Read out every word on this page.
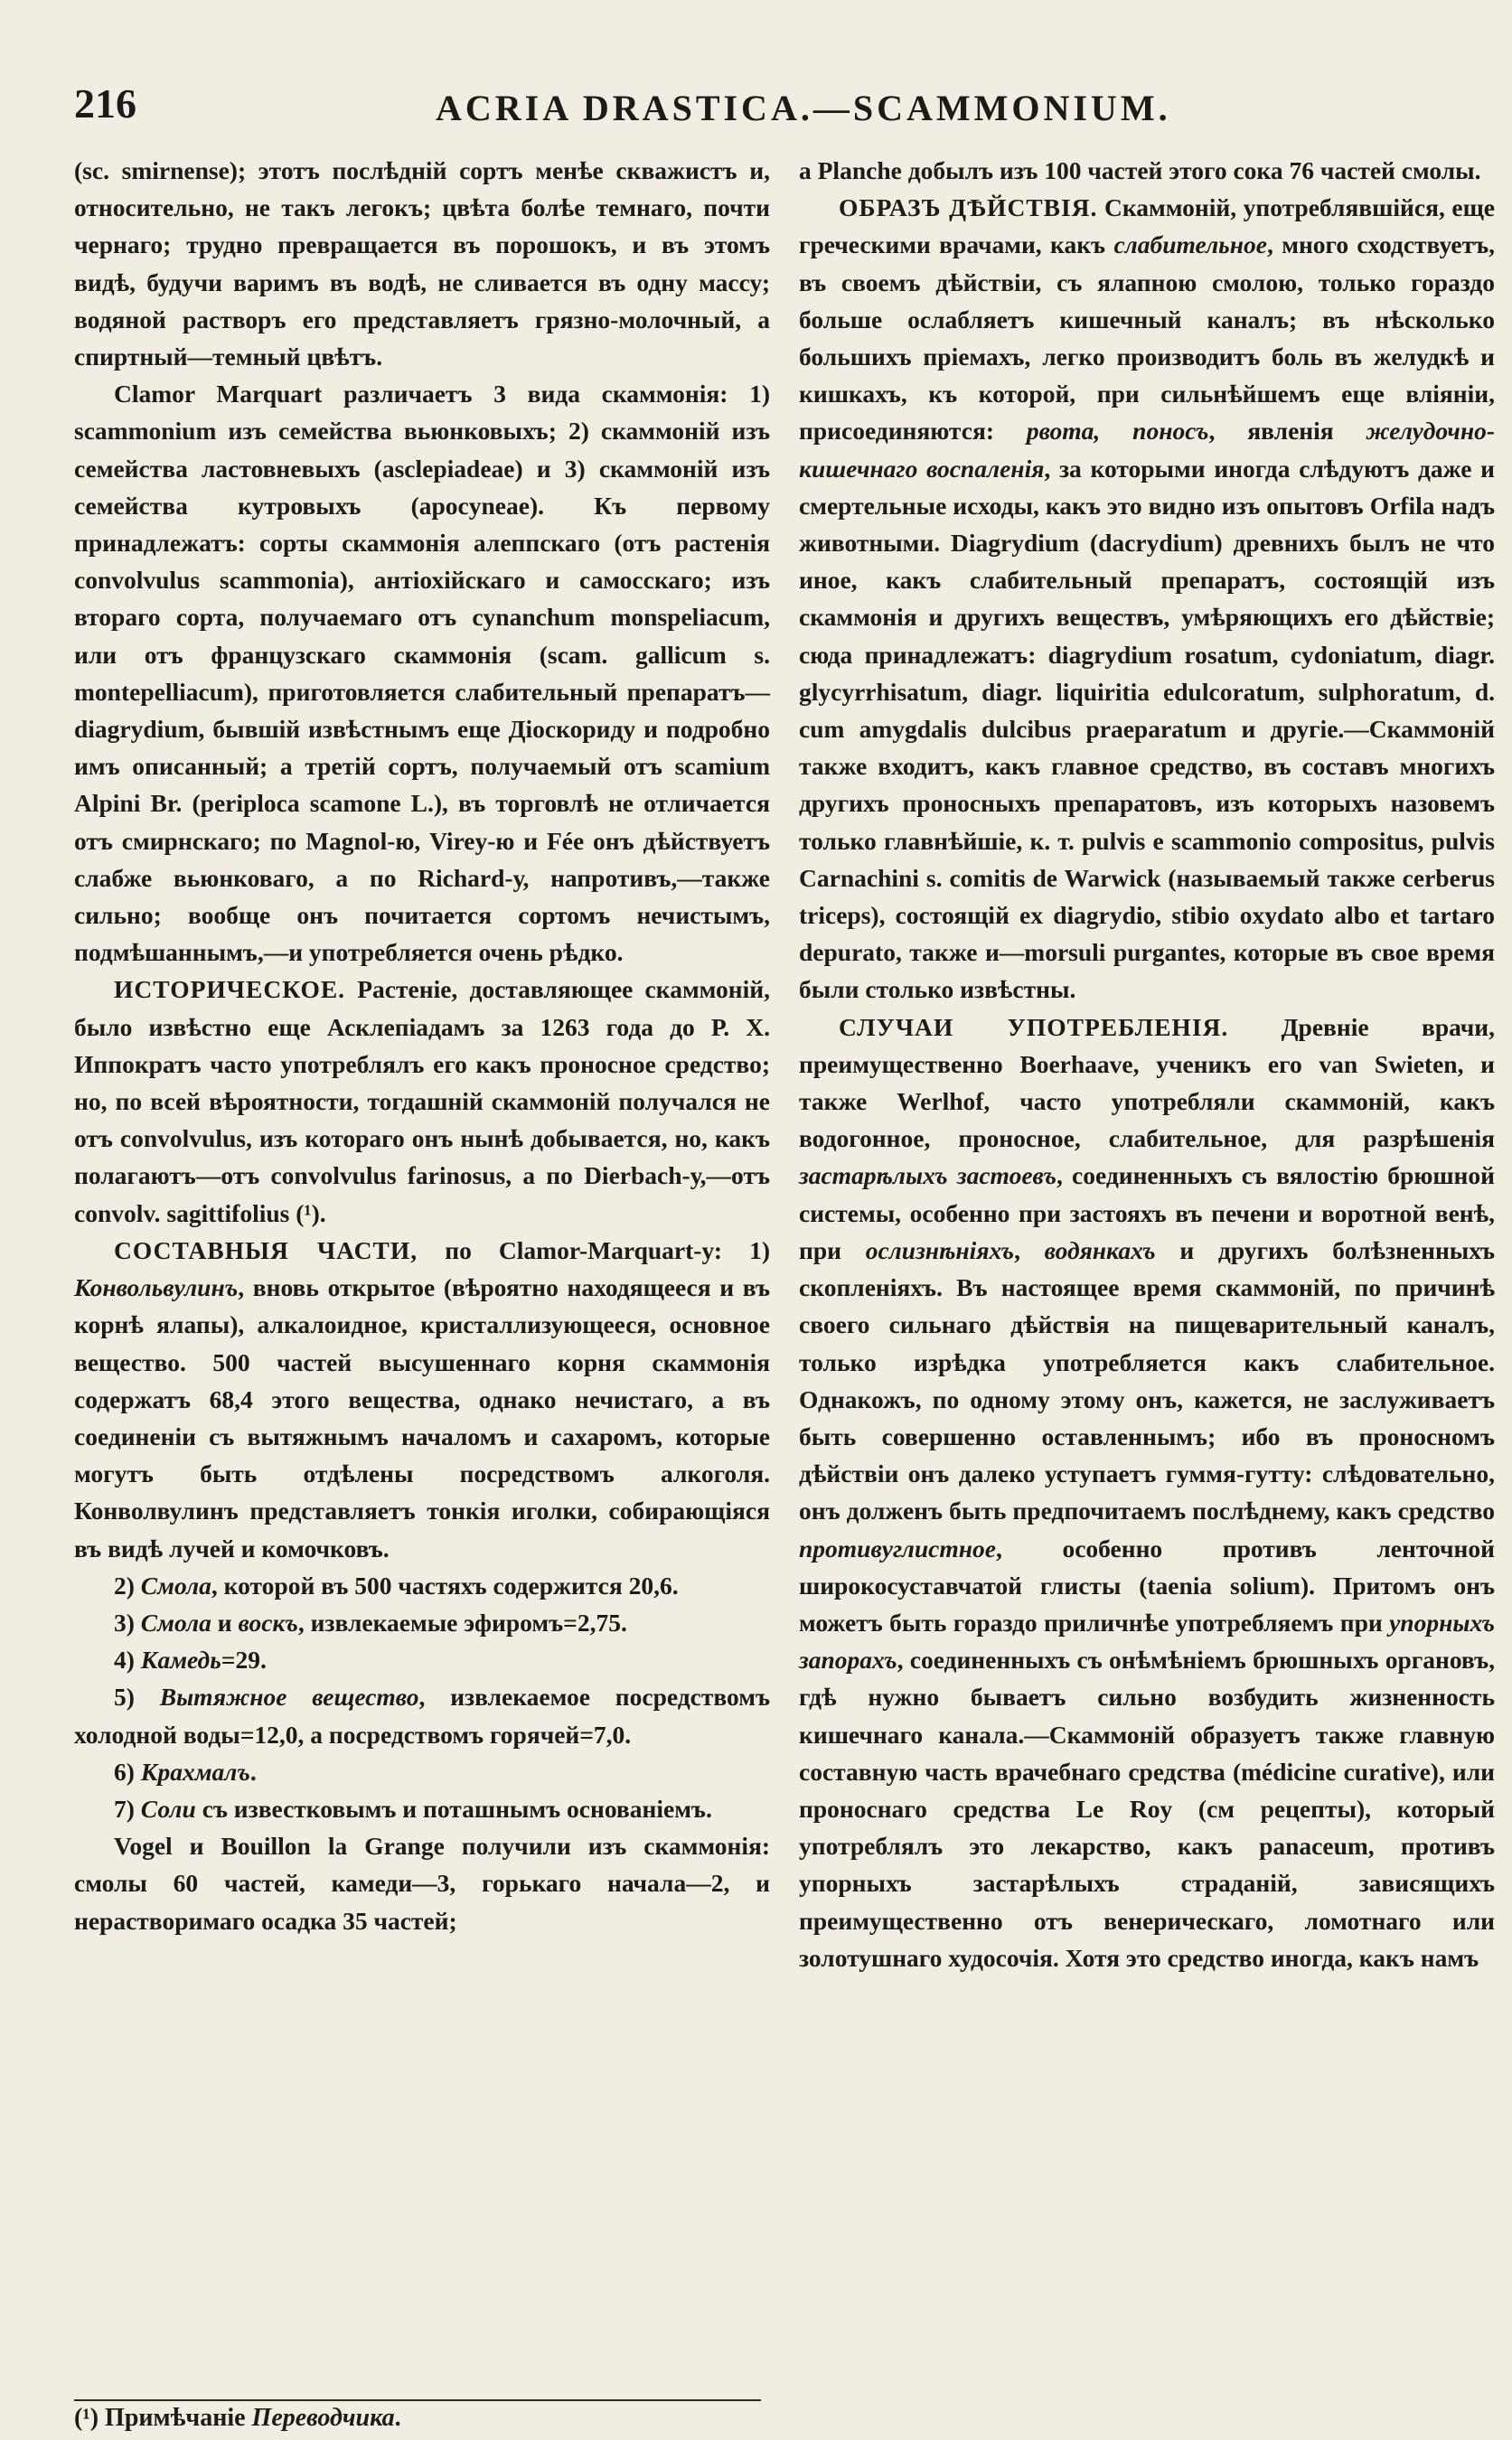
216	ACRIA DRASTICA.—SCAMMONIUM.

(sc. smirnense); этотъ послѣдній сортъ менѣе скважистъ и, относительно, не такъ легокъ; цвѣта болѣе темнаго, почти чернаго; трудно превращается въ порошокъ, и въ этомъ видѣ, будучи варимъ въ водѣ, не сливается въ одну массу; водяной растворъ его представляетъ грязно-молочный, а спиртный—темный цвѣтъ.

Clamor Marquart различаетъ 3 вида скаммонія: 1) scammonium изъ семейства вьюнковыхъ; 2) скаммоній изъ семейства ластовневыхъ (asclepiadeae) и 3) скаммоній изъ семейства кутровыхъ (apocyneae). Къ первому принадлежатъ: сорты скаммонія алеппскаго (отъ растенія convolvulus scammonia), антіохійскаго и самосскаго; изъ втораго сорта, получаемаго отъ cynanchum monspeliacum, или отъ французскаго скаммонія (scam. gallicum s. montepelliacum), приготовляется слабительный препаратъ—diagrydium, бывшій извѣстнымъ еще Діоскориду и подробно имъ описанный; а третій сортъ, получаемый отъ scamium Alpini Br. (periploca scamone L.), въ торговлѣ не отличается отъ смирнскаго; по Magnol-ю, Virey-ю и Fée онъ дѣйствуетъ слабже вьюнковаго, а по Richard-у, напротивъ,—также сильно; вообще онъ почитается сортомъ нечистымъ, подмѣшаннымъ,—и употребляется очень рѣдко.

ИСТОРИЧЕСКОЕ. Растеніе, доставляющее скаммоній, было извѣстно еще Асклепіадамъ за 1263 года до Р. Х. Иппократъ часто употреблялъ его какъ проносное средство; но, по всей вѣроятности, тогдашній скаммоній получался не отъ convolvulus, изъ котораго онъ нынѣ добывается, но, какъ полагаютъ—отъ convolvulus farinosus, а по Dierbach-у,—отъ convolv. sagittifolius (¹).

СОСТАВНЫЯ ЧАСТИ, по Clamor-Marquart-у: 1) Конвольвулинъ, вновь открытое (вѣроятно находящееся и въ корнѣ ялапы), алкалоидное, кристаллизующееся, основное вещество. 500 частей высушеннаго корня скаммонія содержатъ 68,4 этого вещества, однако нечистаго, а въ соединеніи съ вытяжнымъ началомъ и сахаромъ, которые могутъ быть отдѣлены посредствомъ алкоголя. Конволвулинъ представляетъ тонкія иголки, собирающіяся въ видѣ лучей и комочковъ.

2) Смола, которой въ 500 частяхъ содержится 20,6.

3) Смола и воскъ, извлекаемые эфиромъ=2,75.

4) Камедь=29.

5) Вытяжное вещество, извлекаемое посредствомъ холодной воды=12,0, а посредствомъ горячей=7,0.

6) Крахмалъ.

7) Соли съ известковымъ и поташнымъ основаніемъ.

Vogel и Bouillon la Grange получили изъ скаммонія: смолы 60 частей, камеди—3, горькаго начала—2, и нерастворимаго осадка 35 частей;

a Planche добылъ изъ 100 частей этого сока 76 частей смолы.

ОБРАЗЪ ДѢЙСТВІЯ. Скаммоній, употреблявшійся, еще греческими врачами, какъ слабительное, много сходствуетъ, въ своемъ дѣйствіи, съ ялапною смолою, только гораздо больше ослабляетъ кишечный каналъ; въ нѣсколько большихъ пріемахъ, легко производитъ боль въ желудкѣ и кишкахъ, къ которой, при сильнѣйшемъ еще вліяніи, присоединяются: рвота, поносъ, явленія желудочно-кишечнаго воспаленія, за которыми иногда слѣдуютъ даже и смертельные исходы, какъ это видно изъ опытовъ Orfila надъ животными. Diagrydium (dacrydium) древнихъ былъ не что иное, какъ слабительный препаратъ, состоящій изъ скаммонія и другихъ веществъ, умѣряющихъ его дѣйствіе; сюда принадлежатъ: diagrydium rosatum, cydoniatum, diagr. glycyrrhisatum, diagr. liquiritia edulcoratum, sulphoratum, d. cum amygdalis dulcibus praeparatum и другіе.—Скаммоній также входитъ, какъ главное средство, въ составъ многихъ другихъ проносныхъ препаратовъ, изъ которыхъ назовемъ только главнѣйшіе, к. т. pulvis e scammonio compositus, pulvis Carnachini s. comitis de Warwick (называемый также cerberus triceps), состоящій ex diagrydio, stibio oxydato albo et tartaro depurato, также и—morsuli purgantes, которые въ свое время были столько извѣстны.

СЛУЧАИ УПОТРЕБЛЕНІЯ. Древніе врачи, преимущественно Boerhaave, ученикъ его van Swieten, и также Werlhof, часто употребляли скаммоній, какъ водогонное, проносное, слабительное, для разрѣшенія застарѣлыхъ застоевъ, соединенныхъ съ вялостію брюшной системы, особенно при застояхъ въ печени и воротной венѣ, при ослизнѣніяхъ, водянкахъ и другихъ болѣзненныхъ скопленіяхъ. Въ настоящее время скаммоній, по причинѣ своего сильнаго дѣйствія на пищеварительный каналъ, только изрѣдка употребляется какъ слабительное. Однакожъ, по одному этому онъ, кажется, не заслуживаетъ быть совершенно оставленнымъ; ибо въ проносномъ дѣйствіи онъ далеко уступаетъ гуммя-гутту: слѣдовательно, онъ долженъ быть предпочитаемъ послѣднему, какъ средство противуглистное, особенно противъ ленточной широкосуставчатой глисты (taenia solium). Притомъ онъ можетъ быть гораздо приличнѣе употребляемъ при упорныхъ запорахъ, соединенныхъ съ онѣмѣніемъ брюшныхъ органовъ, гдѣ нужно бываетъ сильно возбудить жизненность кишечнаго канала.—Скаммоній образуетъ также главную составную часть врачебнаго средства (médicine curative), или проноснаго средства Le Roy (см рецепты), который употреблялъ это лекарство, какъ panaceum, противъ упорныхъ застарѣлыхъ страданій, зависящихъ преимущественно отъ венерическаго, ломотнаго или золотушнаго худосочія. Хотя это средство иногда, какъ намъ

(¹) Примѣчаніе Переводчика.
